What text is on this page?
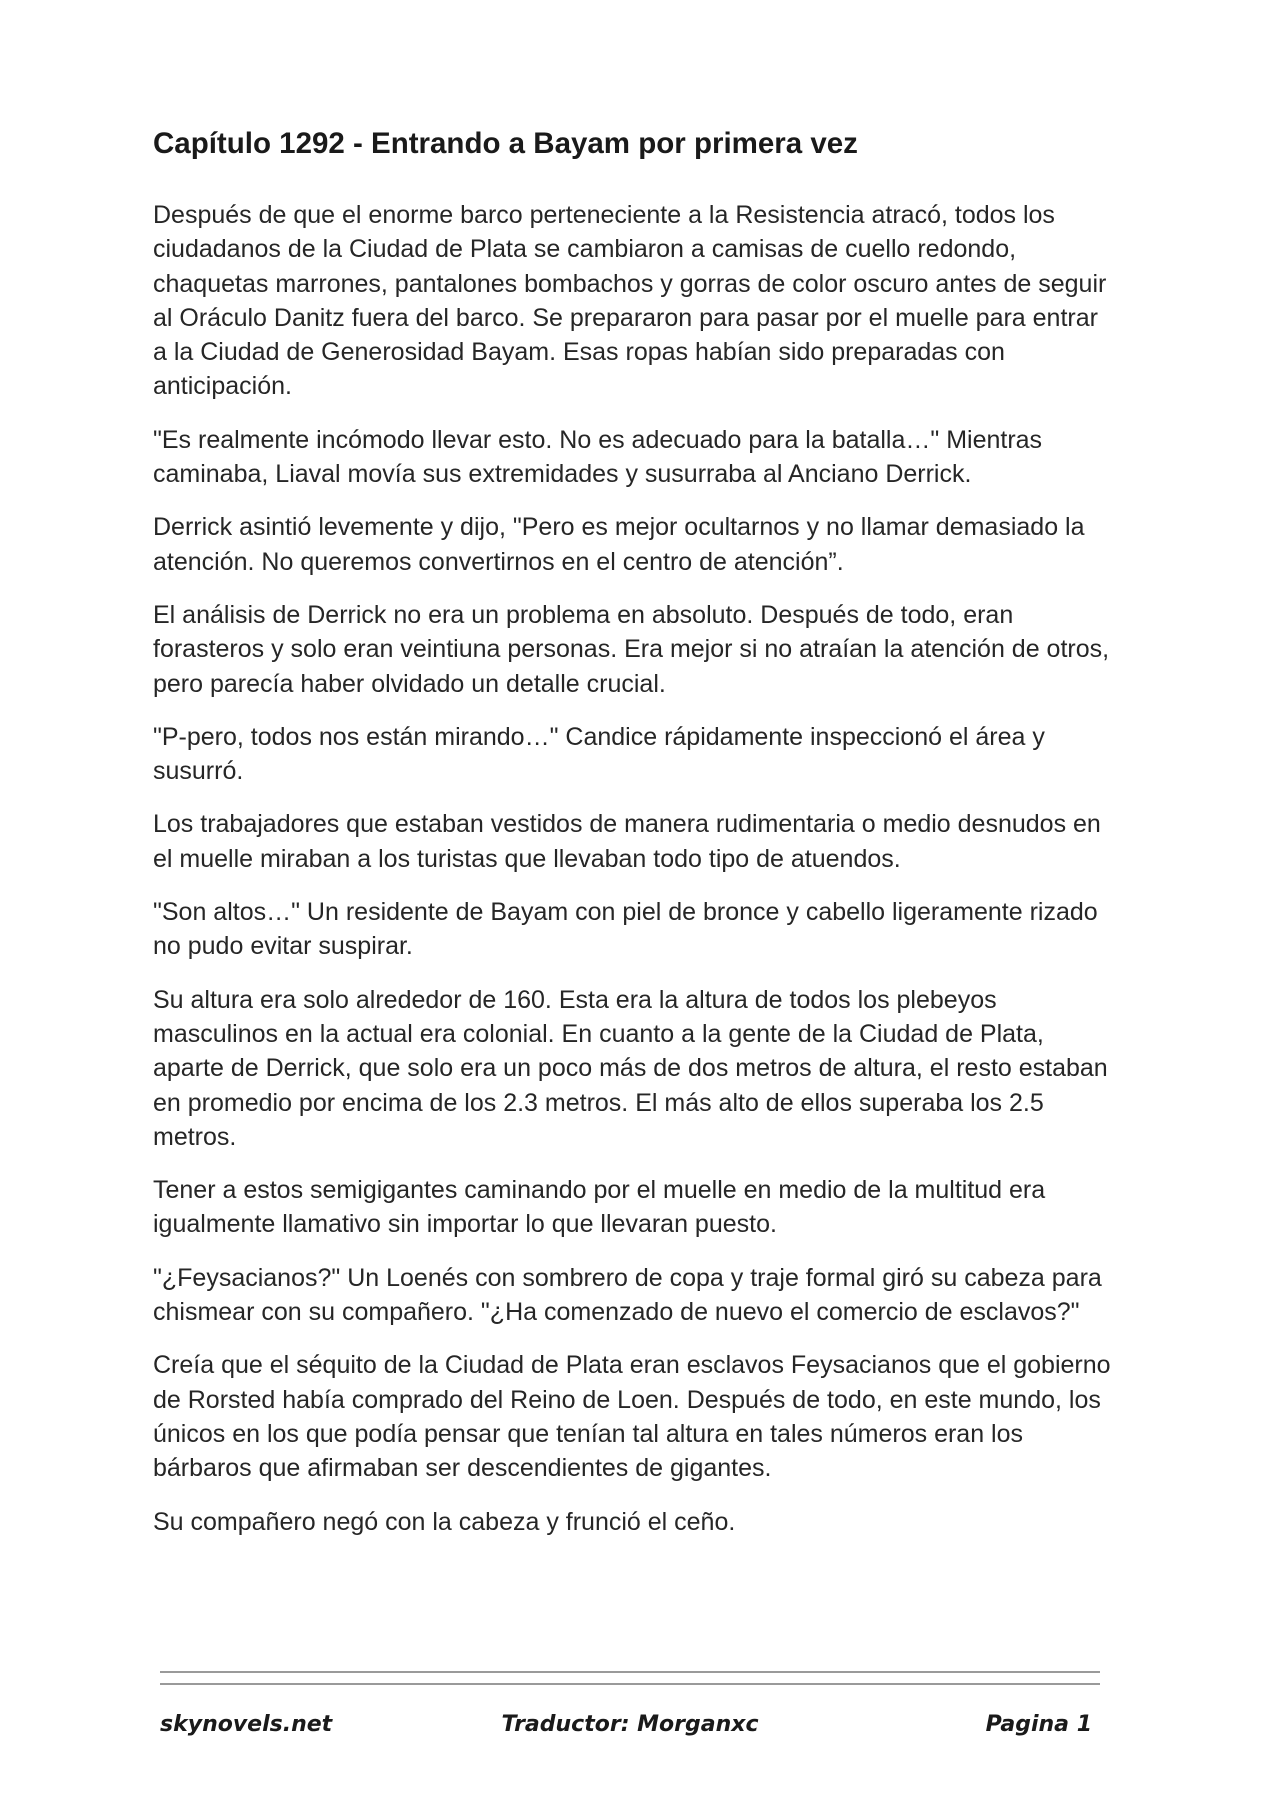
Capítulo 1292 - Entrando a Bayam por primera vez

Después de que el enorme barco perteneciente a la Resistencia atracó, todos los ciudadanos de la Ciudad de Plata se cambiaron a camisas de cuello redondo, chaquetas marrones, pantalones bombachos y gorras de color oscuro antes de seguir al Oráculo Danitz fuera del barco. Se prepararon para pasar por el muelle para entrar a la Ciudad de Generosidad Bayam. Esas ropas habían sido preparadas con anticipación.

"Es realmente incómodo llevar esto. No es adecuado para la batalla…" Mientras caminaba, Liaval movía sus extremidades y susurraba al Anciano Derrick.

Derrick asintió levemente y dijo, "Pero es mejor ocultarnos y no llamar demasiado la atención. No queremos convertirnos en el centro de atención”.

El análisis de Derrick no era un problema en absoluto. Después de todo, eran forasteros y solo eran veintiuna personas. Era mejor si no atraían la atención de otros, pero parecía haber olvidado un detalle crucial.

"P-pero, todos nos están mirando…" Candice rápidamente inspeccionó el área y susurró.

Los trabajadores que estaban vestidos de manera rudimentaria o medio desnudos en el muelle miraban a los turistas que llevaban todo tipo de atuendos.

"Son altos…" Un residente de Bayam con piel de bronce y cabello ligeramente rizado no pudo evitar suspirar.

Su altura era solo alrededor de 160. Esta era la altura de todos los plebeyos masculinos en la actual era colonial. En cuanto a la gente de la Ciudad de Plata, aparte de Derrick, que solo era un poco más de dos metros de altura, el resto estaban en promedio por encima de los 2.3 metros. El más alto de ellos superaba los 2.5 metros.

Tener a estos semigigantes caminando por el muelle en medio de la multitud era igualmente llamativo sin importar lo que llevaran puesto.

"¿Feysacianos?" Un Loenés con sombrero de copa y traje formal giró su cabeza para chismear con su compañero. "¿Ha comenzado de nuevo el comercio de esclavos?"

Creía que el séquito de la Ciudad de Plata eran esclavos Feysacianos que el gobierno de Rorsted había comprado del Reino de Loen. Después de todo, en este mundo, los únicos en los que podía pensar que tenían tal altura en tales números eran los bárbaros que afirmaban ser descendientes de gigantes.

Su compañero negó con la cabeza y frunció el ceño.

skynovels.net	Traductor: Morganxc	Pagina 1
